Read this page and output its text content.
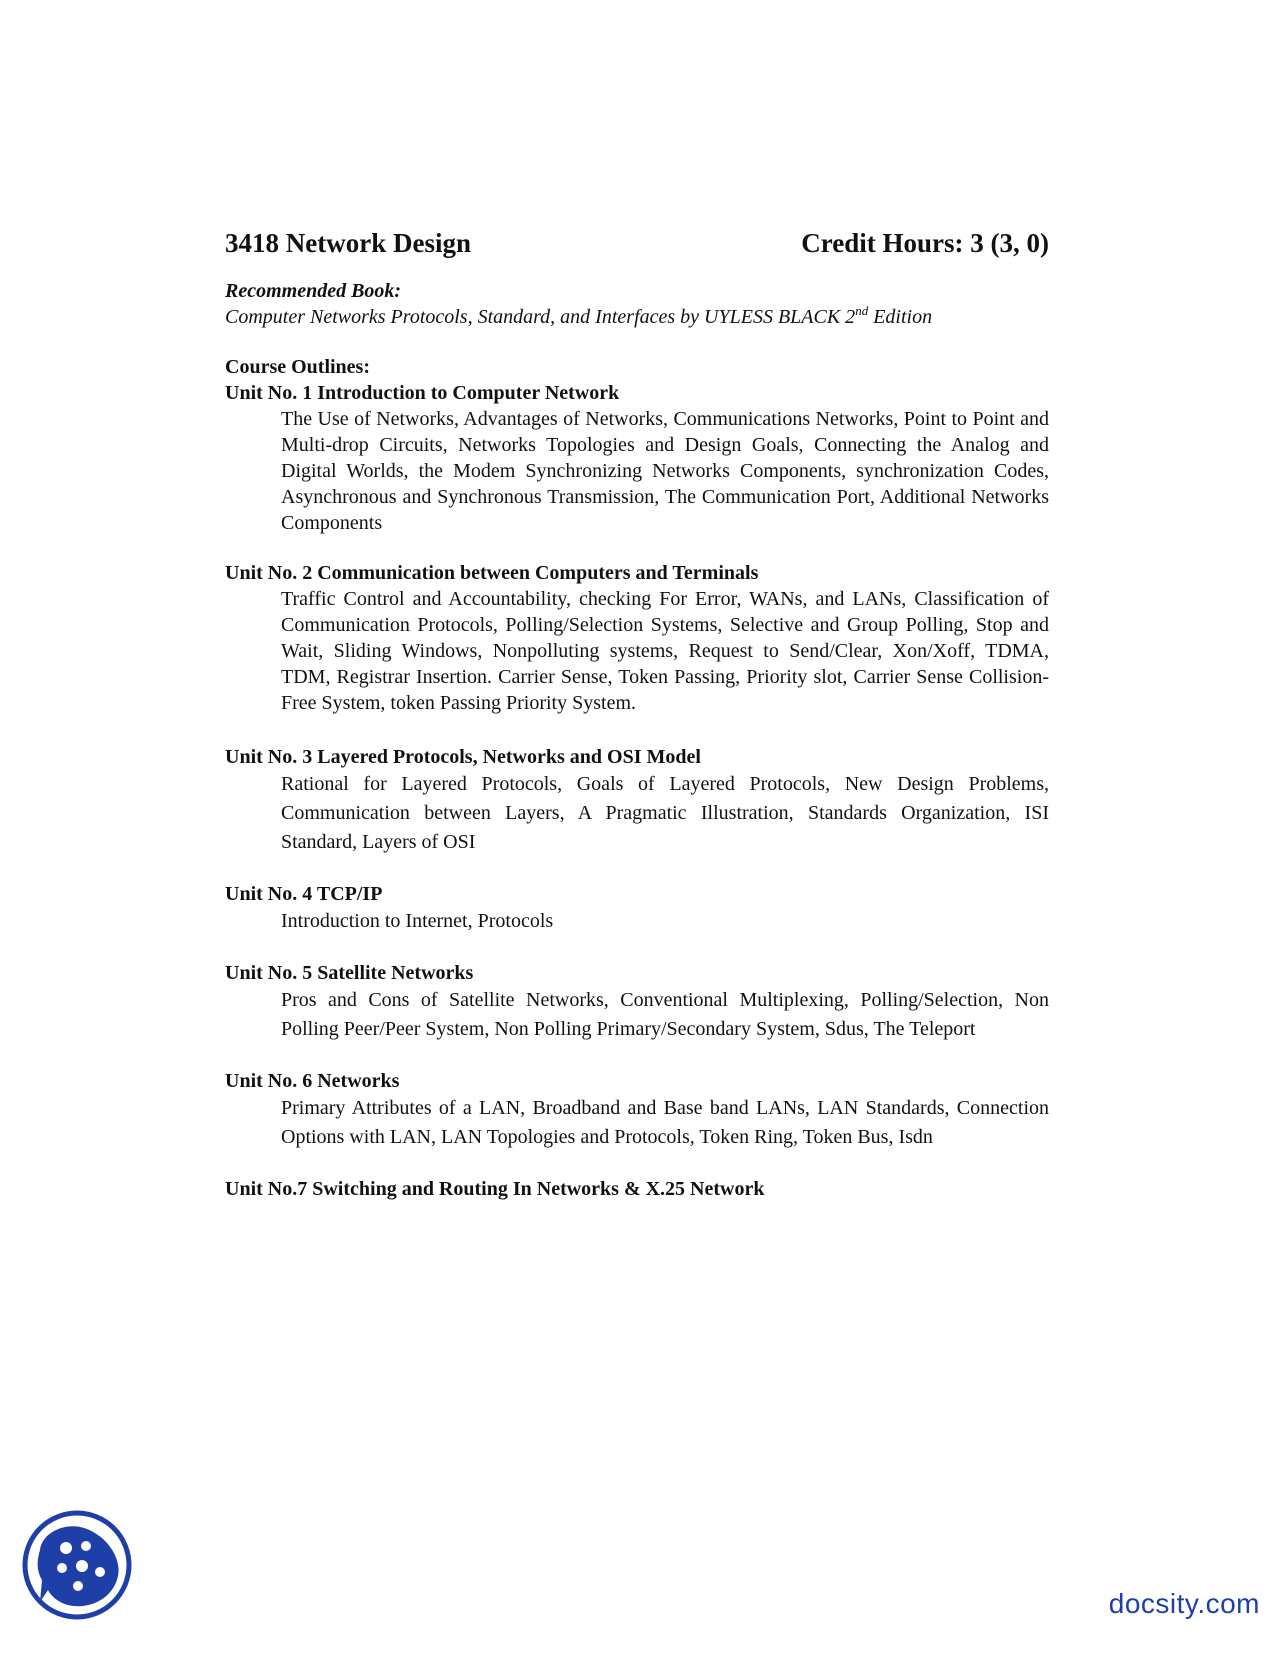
3418 Network Design	Credit Hours: 3 (3, 0)
Recommended Book:
Computer Networks Protocols, Standard, and Interfaces by UYLESS BLACK 2nd Edition
Course Outlines:
Unit No. 1 Introduction to Computer Network
The Use of Networks, Advantages of Networks, Communications Networks, Point to Point and Multi-drop Circuits, Networks Topologies and Design Goals, Connecting the Analog and Digital Worlds, the Modem Synchronizing Networks Components, synchronization Codes, Asynchronous and Synchronous Transmission, The Communication Port, Additional Networks Components
Unit No. 2 Communication between Computers and Terminals
Traffic Control and Accountability, checking For Error, WANs, and LANs, Classification of Communication Protocols, Polling/Selection Systems, Selective and Group Polling, Stop and Wait, Sliding Windows, Nonpolluting systems, Request to Send/Clear, Xon/Xoff, TDMA, TDM, Registrar Insertion. Carrier Sense, Token Passing, Priority slot, Carrier Sense Collision-Free System, token Passing Priority System.
Unit No. 3 Layered Protocols, Networks and OSI Model
Rational for Layered Protocols, Goals of Layered Protocols, New Design Problems, Communication between Layers, A Pragmatic Illustration, Standards Organization, ISI Standard, Layers of OSI
Unit No. 4 TCP/IP
Introduction to Internet, Protocols
Unit No. 5 Satellite Networks
Pros and Cons of Satellite Networks, Conventional Multiplexing, Polling/Selection, Non Polling Peer/Peer System, Non Polling Primary/Secondary System, Sdus, The Teleport
Unit No. 6 Networks
Primary Attributes of a LAN, Broadband and Base band LANs, LAN Standards, Connection Options with LAN, LAN Topologies and Protocols, Token Ring, Token Bus, Isdn
Unit No.7 Switching and Routing In Networks & X.25 Network
docsity.com
